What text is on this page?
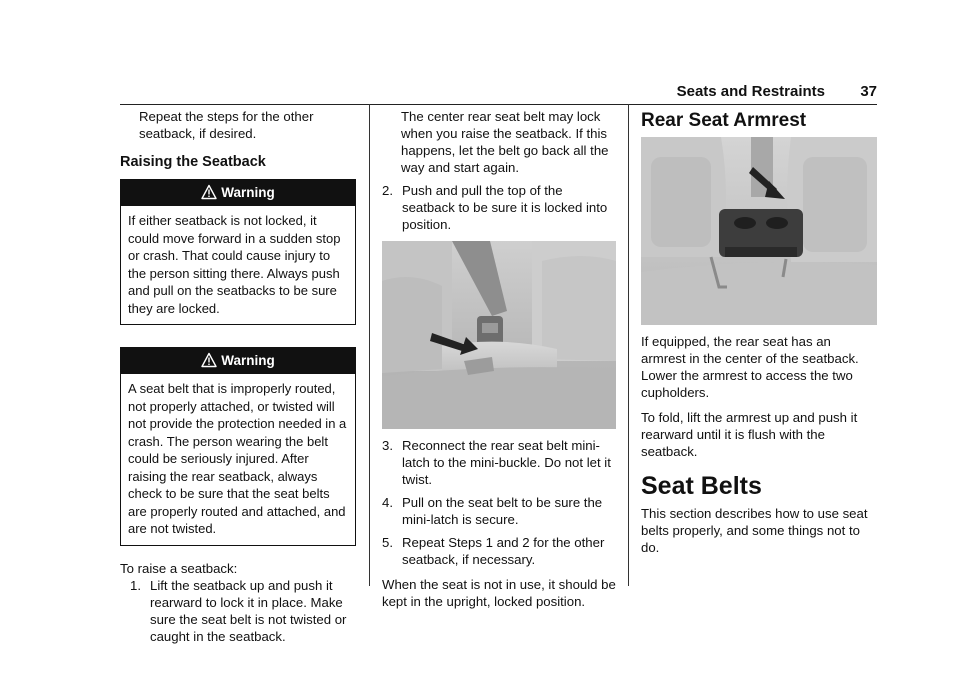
Seats and Restraints 37

Repeat the steps for the other seatback, if desired.

Raising the Seatback
Warning
If either seatback is not locked, it could move forward in a sudden stop or crash. That could cause injury to the person sitting there. Always push and pull on the seatbacks to be sure they are locked.
Warning
A seat belt that is improperly routed, not properly attached, or twisted will not provide the protection needed in a crash. The person wearing the belt could be seriously injured. After raising the rear seatback, always check to be sure that the seat belts are properly routed and attached, and are not twisted.

To raise a seatback:

1. Lift the seatback up and push it rearward to lock it in place. Make sure the seat belt is not twisted or caught in the seatback.

The center rear seat belt may lock when you raise the seatback. If this happens, let the belt go back all the way and start again.

2. Push and pull the top of the seatback to be sure it is locked into position.
3. Reconnect the rear seat belt mini-latch to the mini-buckle. Do not let it twist.
4. Pull on the seat belt to be sure the mini-latch is secure.
5. Repeat Steps 1 and 2 for the other seatback, if necessary.

When the seat is not in use, it should be kept in the upright, locked position.

Rear Seat Armrest

If equipped, the rear seat has an armrest in the center of the seatback. Lower the armrest to access the two cupholders.

To fold, lift the armrest up and push it rearward until it is flush with the seatback.

Seat Belts

This section describes how to use seat belts properly, and some things not to do.
